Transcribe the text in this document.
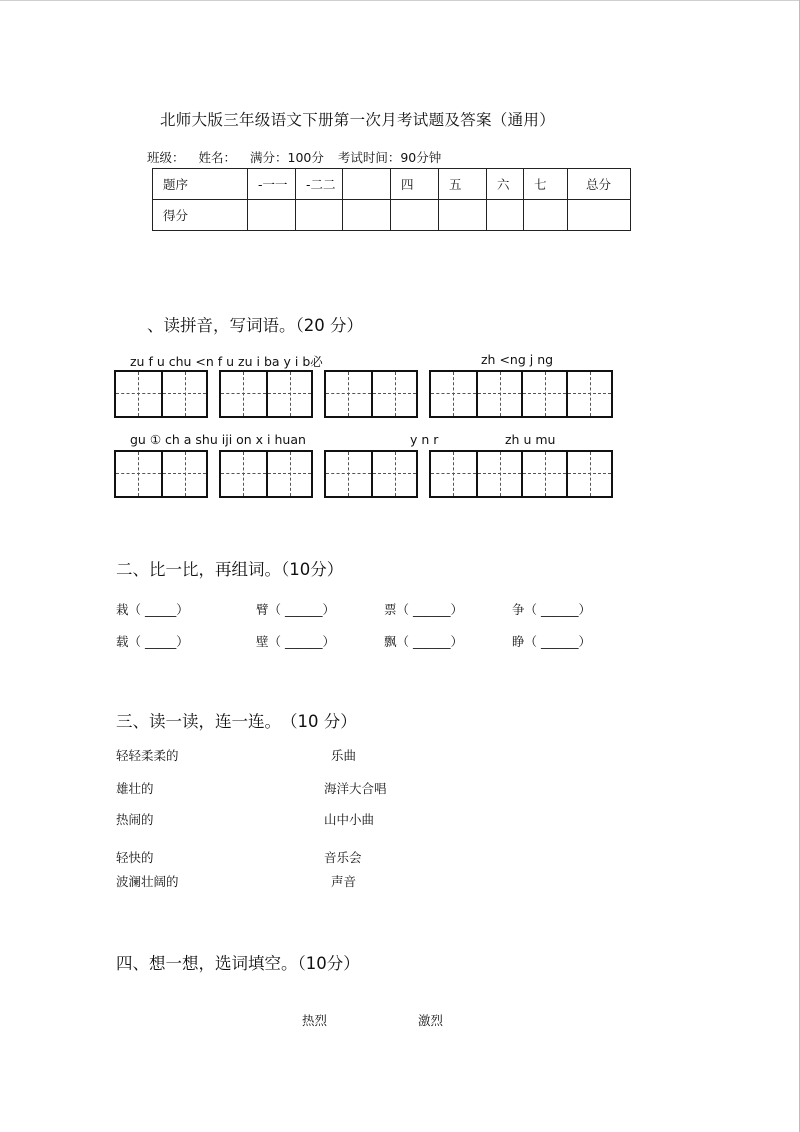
北师大版三年级语文下册第一次月考试题及答案（通用）
班级： 姓名： 满分：100分 考试时间：90分钟
题序	-一一	-二二		四	五	六	七	总分
得分								
、读拼音，写词语。（20 分）
zu f u chu <n f u zu i ba y i b必	zh <ng j ng
gu ① ch a shu iji on x i huan	y n r	zh u mu
二、比一比，再组词。（10分）
栽（ _____）	臂（ ______）	票（ ______）	争（ ______）
载（ _____）	壁（ ______）	飘（ ______）	睁（ ______）
三、读一读，连一连。　（10 分）
轻轻柔柔的
雄壮的
热闹的
轻快的
波澜壮阔的
乐曲
海洋大合唱
山中小曲
音乐会
声音
四、想一想，选词填空。（10分）
热烈	激烈
